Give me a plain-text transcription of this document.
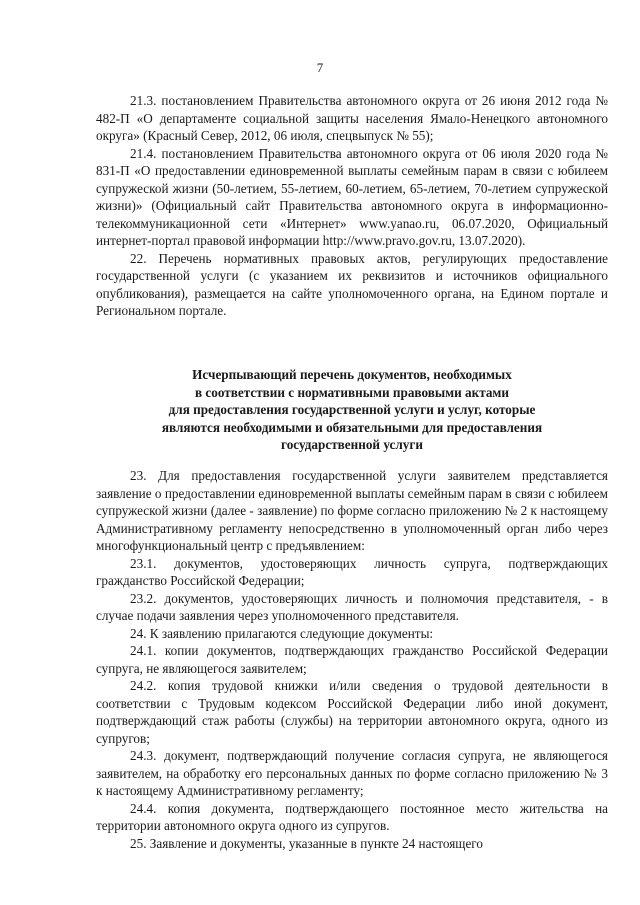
7

21.3. постановлением Правительства автономного округа от 26 июня 2012 года № 482-П «О департаменте социальной защиты населения Ямало-Ненецкого автономного округа» (Красный Север, 2012, 06 июля, спецвыпуск № 55);

21.4. постановлением Правительства автономного округа от 06 июля 2020 года № 831-П «О предоставлении единовременной выплаты семейным парам в связи с юбилеем супружеской жизни (50-летием, 55-летием, 60-летием, 65-летием, 70-летием супружеской жизни)» (Официальный сайт Правительства автономного округа в информационно-телекоммуникационной сети «Интернет» www.yanao.ru, 06.07.2020, Официальный интернет-портал правовой информации http://www.pravo.gov.ru, 13.07.2020).

22. Перечень нормативных правовых актов, регулирующих предоставление государственной услуги (с указанием их реквизитов и источников официального опубликования), размещается на сайте уполномоченного органа, на Едином портале и Региональном портале.

Исчерпывающий перечень документов, необходимых
в соответствии с нормативными правовыми актами
для предоставления государственной услуги и услуг, которые
являются необходимыми и обязательными для предоставления
государственной услуги

23. Для предоставления государственной услуги заявителем представляется заявление о предоставлении единовременной выплаты семейным парам в связи с юбилеем супружеской жизни (далее - заявление) по форме согласно приложению № 2 к настоящему Административному регламенту непосредственно в уполномоченный орган либо через многофункциональный центр с предъявлением:

23.1. документов, удостоверяющих личность супруга, подтверждающих гражданство Российской Федерации;

23.2. документов, удостоверяющих личность и полномочия представителя, - в случае подачи заявления через уполномоченного представителя.

24. К заявлению прилагаются следующие документы:

24.1. копии документов, подтверждающих гражданство Российской Федерации супруга, не являющегося заявителем;

24.2. копия трудовой книжки и/или сведения о трудовой деятельности в соответствии с Трудовым кодексом Российской Федерации либо иной документ, подтверждающий стаж работы (службы) на территории автономного округа, одного из супругов;

24.3. документ, подтверждающий получение согласия супруга, не являющегося заявителем, на обработку его персональных данных по форме согласно приложению № 3 к настоящему Административному регламенту;

24.4. копия документа, подтверждающего постоянное место жительства на территории автономного округа одного из супругов.

25. Заявление и документы, указанные в пункте 24 настоящего
